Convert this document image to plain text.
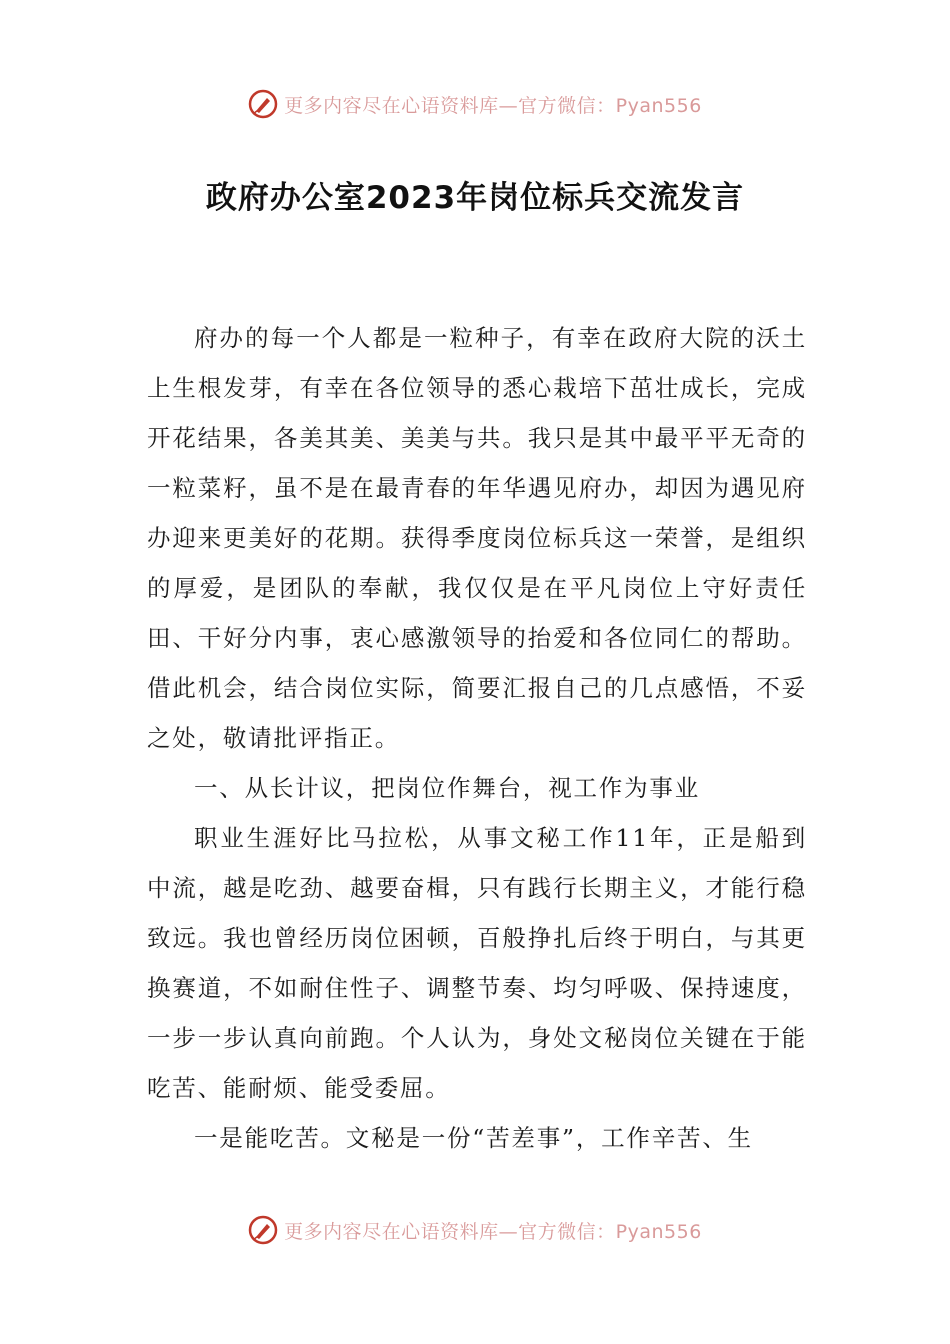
更多内容尽在心语资料库—官方微信：Pyan556
政府办公室2023年岗位标兵交流发言

府办的每一个人都是一粒种子，有幸在政府大院的沃土上生根发芽，有幸在各位领导的悉心栽培下茁壮成长，完成开花结果，各美其美、美美与共。我只是其中最平平无奇的一粒菜籽，虽不是在最青春的年华遇见府办，却因为遇见府办迎来更美好的花期。获得季度岗位标兵这一荣誉，是组织的厚爱，是团队的奉献，我仅仅是在平凡岗位上守好责任田、干好分内事，衷心感激领导的抬爱和各位同仁的帮助。借此机会，结合岗位实际，简要汇报自己的几点感悟，不妥之处，敬请批评指正。

一、从长计议，把岗位作舞台，视工作为事业

职业生涯好比马拉松，从事文秘工作11年，正是船到中流，越是吃劲、越要奋楫，只有践行长期主义，才能行稳致远。我也曾经历岗位困顿，百般挣扎后终于明白，与其更换赛道，不如耐住性子、调整节奏、均匀呼吸、保持速度，一步一步认真向前跑。个人认为，身处文秘岗位关键在于能吃苦、能耐烦、能受委屈。

一是能吃苦。文秘是一份“苦差事”，工作辛苦、生

更多内容尽在心语资料库—官方微信：Pyan556
